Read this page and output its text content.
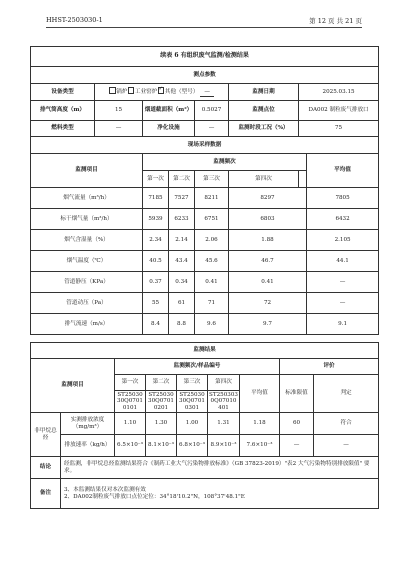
HHST-2503030-1	第 12 页 共 21 页
续表 6 有组织废气监测/检测结果							
测点参数							
设备类型	锅炉 工业窑炉 ✓ 其他（型号） —				监测日期	2025.03.15	
排气筒高度（m）	15	烟道截面积（m²）		0.5027	监测点位	DA002 制粒废气排放口	
燃料类型	—	净化设施		—	监测时段工况（%）	75	
现场采样数据							
监测项目		监测频次					平均值
		第一次	第二次	第三次	第四次	
烟气流量（m³/h）		7185	7527	8211	8297		7805
标干烟气量（m³/h）		5939	6233	6751	6803		6432
烟气含湿量（%）		2.34	2.14	2.06	1.88		2.105
烟气温度（℃）		40.5	43.4	45.6	46.7		44.1
管道静压（KPa）		0.37	0.34	0.41	0.41		—
管道动压（Pa）		55	61	71	72		—
排气流速（m/s）		8.4	8.8	9.6	9.7		9.1
监测结果								
监测项目		监测频次/样品编号					评价	
		第一次	第二次	第三次	第四次	平均值	标准限值	判定
		ST2503030Q07010101	ST2503030Q07010201	ST2503030Q07010301	ST2503030Q07010401			
非甲烷总烃	实测排放浓度（mg/m³）	1.10	1.30	1.00	1.31	1.18	60	符合
	排放速率（kg/h）	6.5×10⁻³	8.1×10⁻³	6.8×10⁻³	8.9×10⁻³	7.6×10⁻³	—	—
结论	经监测，非甲烷总烃监测结果符合《制药工业大气污染物排放标准》（GB 37823-2019）"表2 大气污染物特别排放限值" 要求。							
备注	3、本监测结果仅对本次监测有效
2、DA002制粒废气排放口点位定位：34°18'10.2"N，108°37'48.1"E							
